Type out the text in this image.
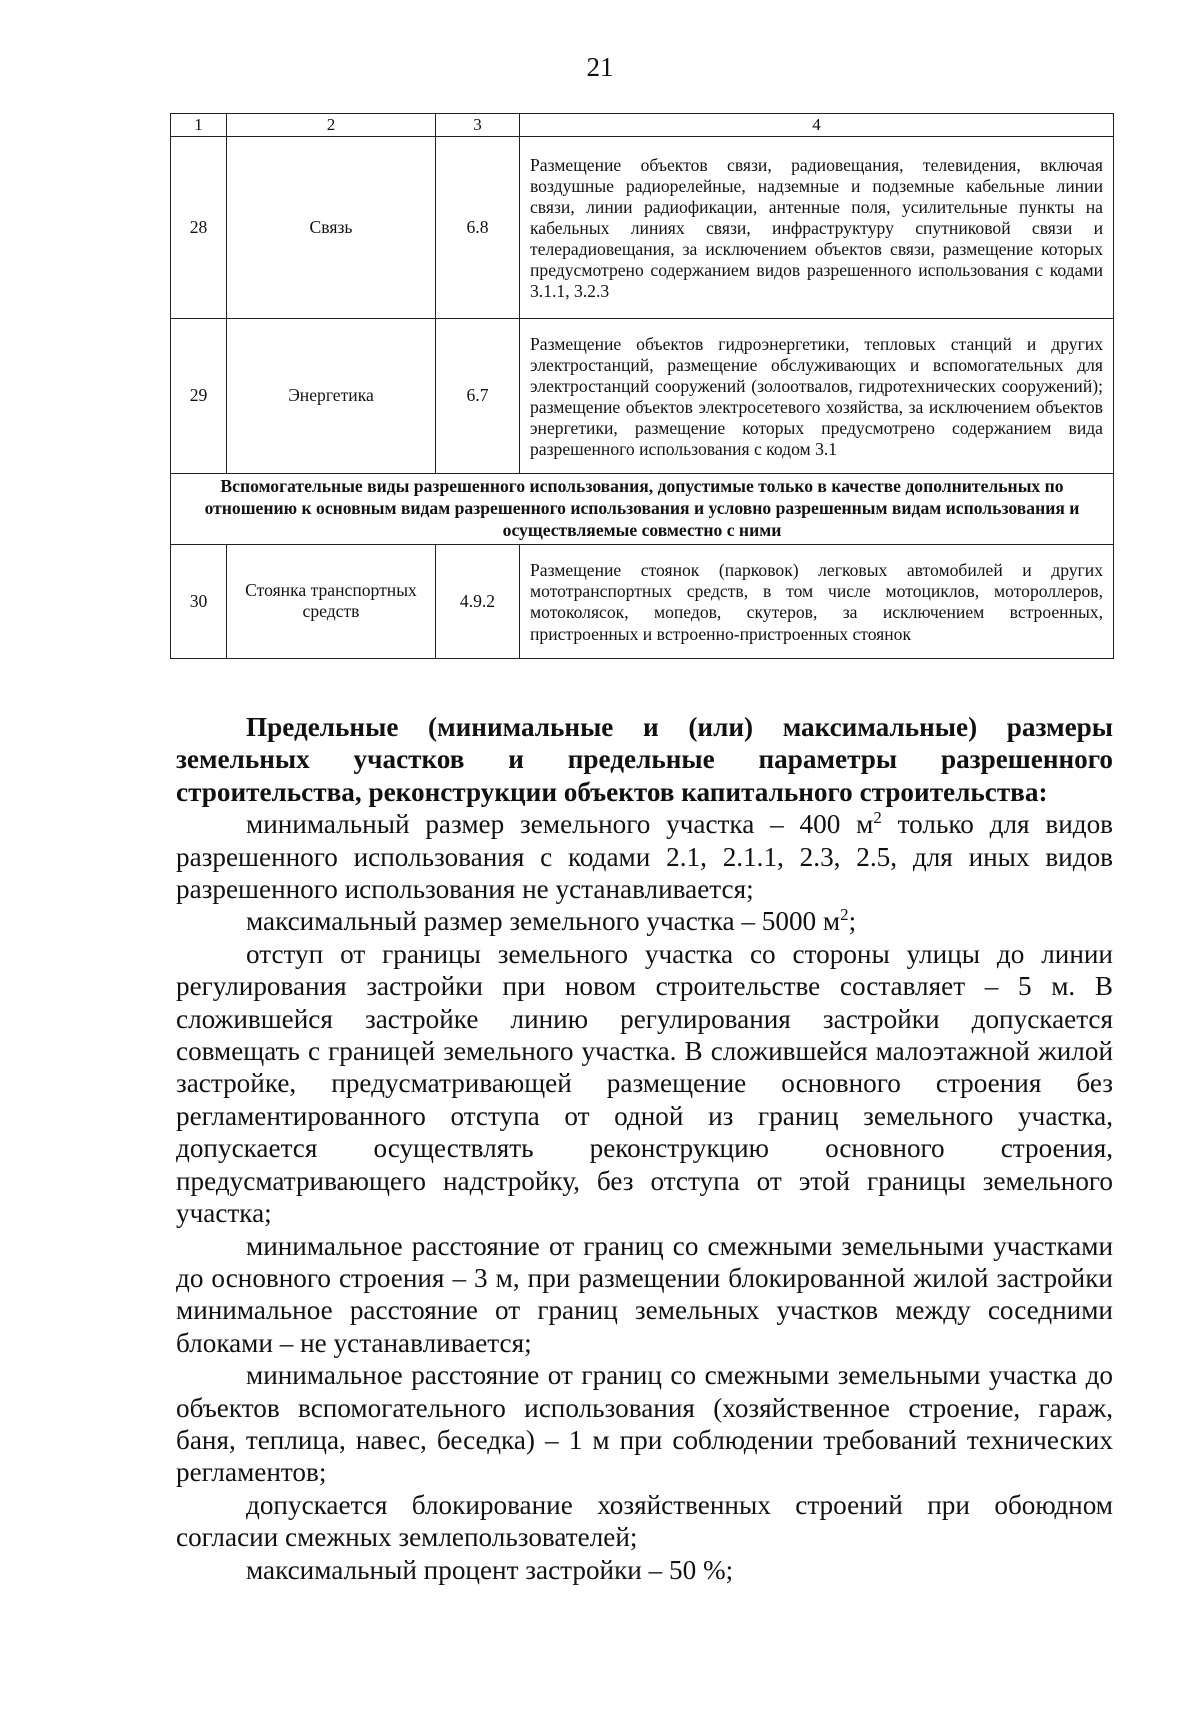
21
1	2	3	4
28	Связь	6.8	Размещение объектов связи, радиовещания, телевидения, включая воздушные радиорелейные, надземные и подземные кабельные линии связи, линии радиофикации, антенные поля, усилительные пункты на кабельных линиях связи, инфраструктуру спутниковой связи и телерадиовещания, за исключением объектов связи, размещение которых предусмотрено содержанием видов разрешенного использования с кодами 3.1.1, 3.2.3
29	Энергетика	6.7	Размещение объектов гидроэнергетики, тепловых станций и других электростанций, размещение обслуживающих и вспомогательных для электростанций сооружений (золоотвалов, гидротехнических сооружений); размещение объектов электросетевого хозяйства, за исключением объектов энергетики, размещение которых предусмотрено содержанием вида разрешенного использования с кодом 3.1
Вспомогательные виды разрешенного использования, допустимые только в качестве дополнительных по отношению к основным видам разрешенного использования и условно разрешенным видам использования и осуществляемые совместно с ними			
30	Стоянка транспортных средств	4.9.2	Размещение стоянок (парковок) легковых автомобилей и других мототранспортных средств, в том числе мотоциклов, мотороллеров, мотоколясок, мопедов, скутеров, за исключением встроенных, пристроенных и встроенно-пристроенных стоянок

Предельные (минимальные и (или) максимальные) размеры земельных участков и предельные параметры разрешенного строительства, реконструкции объектов капитального строительства:

минимальный размер земельного участка – 400 $м^2$ только для видов разрешенного использования с кодами 2.1, 2.1.1, 2.3, 2.5, для иных видов разрешенного использования не устанавливается;

максимальный размер земельного участка – 5000 $м^2$;

отступ от границы земельного участка со стороны улицы до линии регулирования застройки при новом строительстве составляет – 5 м. В сложившейся застройке линию регулирования застройки допускается совмещать с границей земельного участка. В сложившейся малоэтажной жилой застройке, предусматривающей размещение основного строения без регламентированного отступа от одной из границ земельного участка, допускается осуществлять реконструкцию основного строения, предусматривающего надстройку, без отступа от этой границы земельного участка;

минимальное расстояние от границ со смежными земельными участками до основного строения – 3 м, при размещении блокированной жилой застройки минимальное расстояние от границ земельных участков между соседними блоками – не устанавливается;

минимальное расстояние от границ со смежными земельными участка до объектов вспомогательного использования (хозяйственное строение, гараж, баня, теплица, навес, беседка) – 1 м при соблюдении требований технических регламентов;

допускается блокирование хозяйственных строений при обоюдном согласии смежных землепользователей;

максимальный процент застройки – 50 %;
